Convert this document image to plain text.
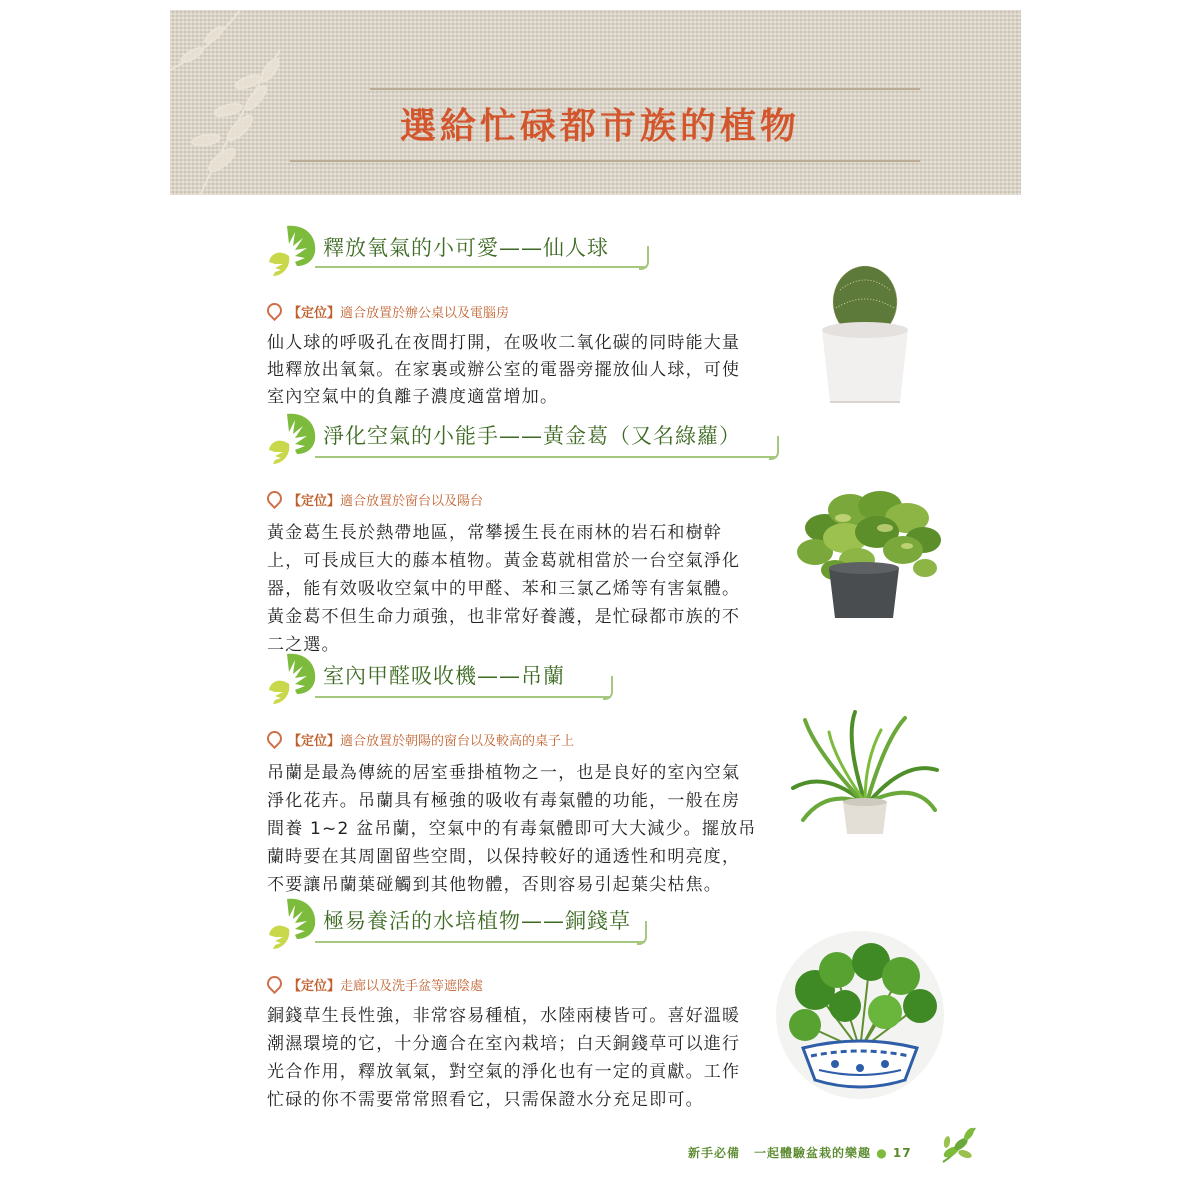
選給忙碌都市族的植物
釋放氧氣的小可愛——仙人球
【定位】適合放置於辦公桌以及電腦房
仙人球的呼吸孔在夜間打開，在吸收二氧化碳的同時能大量
地釋放出氧氣。在家裏或辦公室的電器旁擺放仙人球，可使
室內空氣中的負離子濃度適當增加。
淨化空氣的小能手——黃金葛（又名綠蘿）
【定位】適合放置於窗台以及陽台
黃金葛生長於熱帶地區，常攀援生長在雨林的岩石和樹幹
上，可長成巨大的藤本植物。黃金葛就相當於一台空氣淨化
器，能有效吸收空氣中的甲醛、苯和三氯乙烯等有害氣體。
黃金葛不但生命力頑強，也非常好養護，是忙碌都市族的不
二之選。
室內甲醛吸收機——吊蘭
【定位】適合放置於朝陽的窗台以及較高的桌子上
吊蘭是最為傳統的居室垂掛植物之一，也是良好的室內空氣
淨化花卉。吊蘭具有極強的吸收有毒氣體的功能，一般在房
間養 1~2 盆吊蘭，空氣中的有毒氣體即可大大減少。擺放吊
蘭時要在其周圍留些空間，以保持較好的通透性和明亮度，
不要讓吊蘭葉碰觸到其他物體，否則容易引起葉尖枯焦。
極易養活的水培植物——銅錢草
【定位】走廊以及洗手盆等遮陰處
銅錢草生長性強，非常容易種植，水陸兩棲皆可。喜好溫暖
潮濕環境的它，十分適合在室內栽培；白天銅錢草可以進行
光合作用，釋放氧氣，對空氣的淨化也有一定的貢獻。工作
忙碌的你不需要常常照看它，只需保證水分充足即可。
新手必備 一起體驗盆栽的樂趣 ● 17
